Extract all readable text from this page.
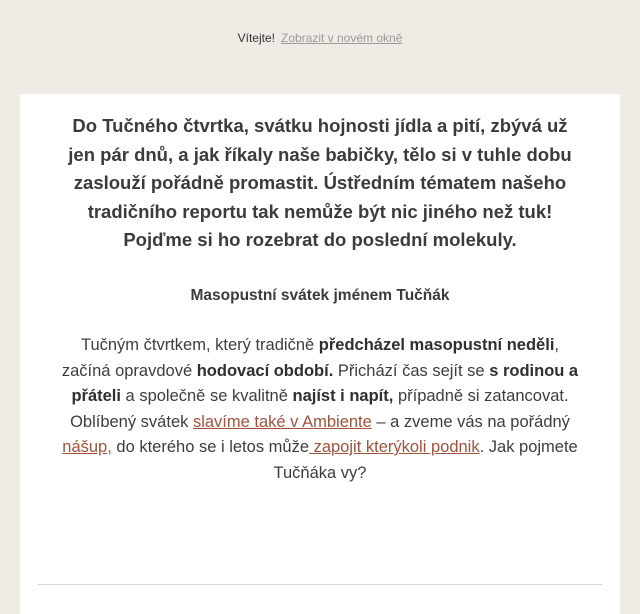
Vítejte! Zobrazit v novém okně

Do Tučného čtvrtka, svátku hojnosti jídla a pití, zbývá už jen pár dnů, a jak říkaly naše babičky, tělo si v tuhle dobu zaslouží pořádně promastit. Ústředním tématem našeho tradičního reportu tak nemůže být nic jiného než tuk! Pojďme si ho rozebrat do poslední molekuly.

Masopustní svátek jménem Tučňák

Tučným čtvrtkem, který tradičně předcházel masopustní neděli, začíná opravdové hodovací období. Přichází čas sejít se s rodinou a přáteli a společně se kvalitně najíst i napít, případně si zatancovat. Oblíbený svátek slavíme také v Ambiente – a zveme vás na pořádný nášup, do kterého se i letos může zapojit kterýkoli podnik. Jak pojmete Tučňáka vy?
